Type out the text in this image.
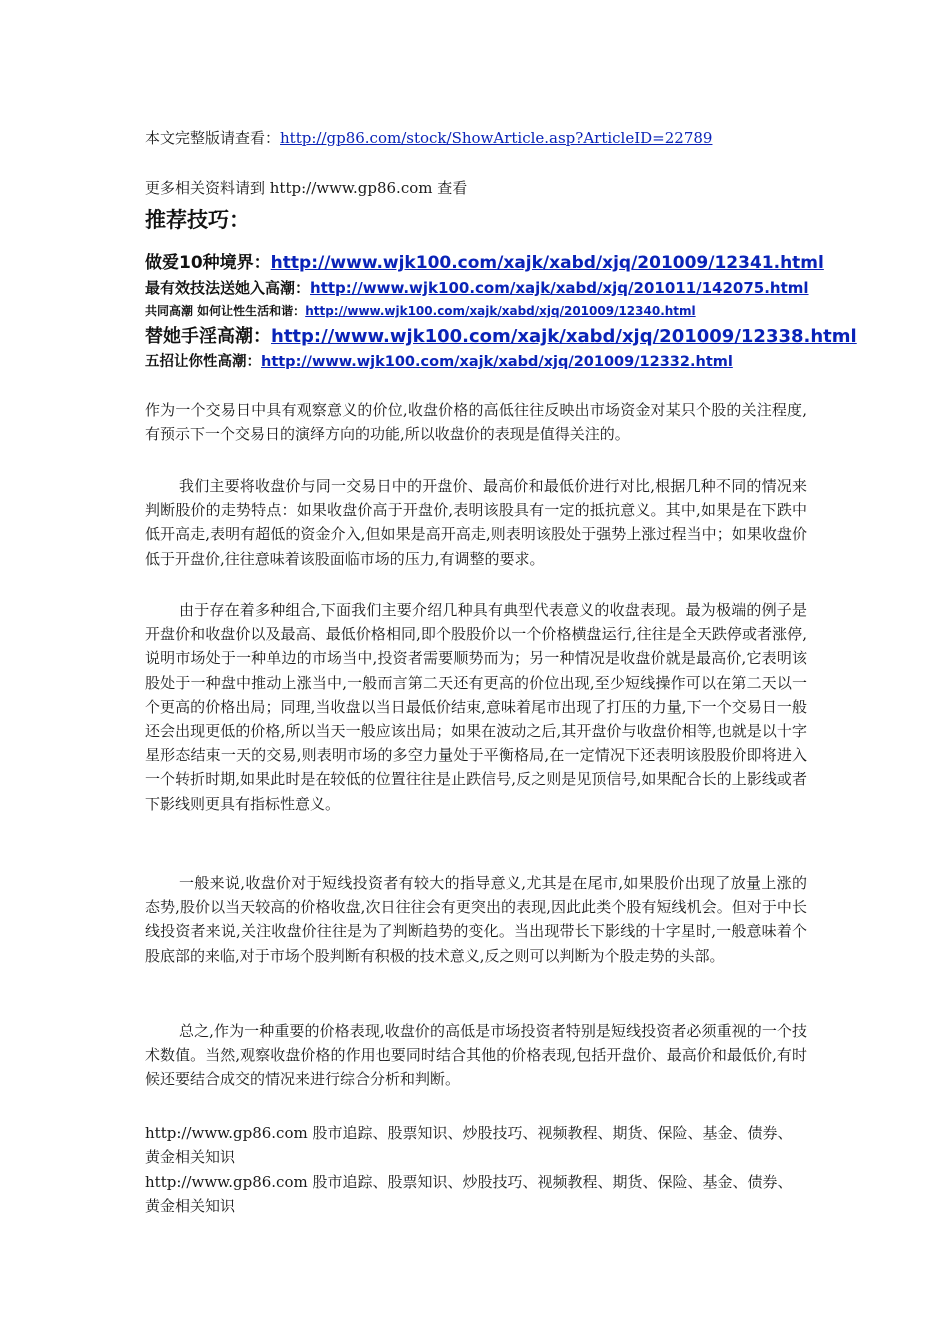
本文完整版请查看：http://gp86.com/stock/ShowArticle.asp?ArticleID=22789
更多相关资料请到 http://www.gp86.com 查看
推荐技巧：
做爱10种境界：http://www.wjk100.com/xajk/xabd/xjq/201009/12341.html
最有效技法送她入高潮：http://www.wjk100.com/xajk/xabd/xjq/201011/142075.html
共同高潮 如何让性生活和谐：http://www.wjk100.com/xajk/xabd/xjq/201009/12340.html
替她手淫高潮：http://www.wjk100.com/xajk/xabd/xjq/201009/12338.html
五招让你性高潮：http://www.wjk100.com/xajk/xabd/xjq/201009/12332.html

作为一个交易日中具有观察意义的价位,收盘价格的高低往往反映出市场资金对某只个股的关注程度,有预示下一个交易日的演绎方向的功能,所以收盘价的表现是值得关注的。

我们主要将收盘价与同一交易日中的开盘价、最高价和最低价进行对比,根据几种不同的情况来判断股价的走势特点：如果收盘价高于开盘价,表明该股具有一定的抵抗意义。其中,如果是在下跌中低开高走,表明有超低的资金介入,但如果是高开高走,则表明该股处于强势上涨过程当中；如果收盘价低于开盘价,往往意味着该股面临市场的压力,有调整的要求。

由于存在着多种组合,下面我们主要介绍几种具有典型代表意义的收盘表现。最为极端的例子是开盘价和收盘价以及最高、最低价格相同,即个股股价以一个价格横盘运行,往往是全天跌停或者涨停,说明市场处于一种单边的市场当中,投资者需要顺势而为；另一种情况是收盘价就是最高价,它表明该股处于一种盘中推动上涨当中,一般而言第二天还有更高的价位出现,至少短线操作可以在第二天以一个更高的价格出局；同理,当收盘以当日最低价结束,意味着尾市出现了打压的力量,下一个交易日一般还会出现更低的价格,所以当天一般应该出局；如果在波动之后,其开盘价与收盘价相等,也就是以十字星形态结束一天的交易,则表明市场的多空力量处于平衡格局,在一定情况下还表明该股股价即将进入一个转折时期,如果此时是在较低的位置往往是止跌信号,反之则是见顶信号,如果配合长的上影线或者下影线则更具有指标性意义。

一般来说,收盘价对于短线投资者有较大的指导意义,尤其是在尾市,如果股价出现了放量上涨的态势,股价以当天较高的价格收盘,次日往往会有更突出的表现,因此此类个股有短线机会。但对于中长线投资者来说,关注收盘价往往是为了判断趋势的变化。当出现带长下影线的十字星时,一般意味着个股底部的来临,对于市场个股判断有积极的技术意义,反之则可以判断为个股走势的头部。

总之,作为一种重要的价格表现,收盘价的高低是市场投资者特别是短线投资者必须重视的一个技术数值。当然,观察收盘价格的作用也要同时结合其他的价格表现,包括开盘价、最高价和最低价,有时候还要结合成交的情况来进行综合分析和判断。

http://www.gp86.com 股市追踪、股票知识、炒股技巧、视频教程、期货、保险、基金、债券、黄金相关知识

http://www.gp86.com 股市追踪、股票知识、炒股技巧、视频教程、期货、保险、基金、债券、黄金相关知识
